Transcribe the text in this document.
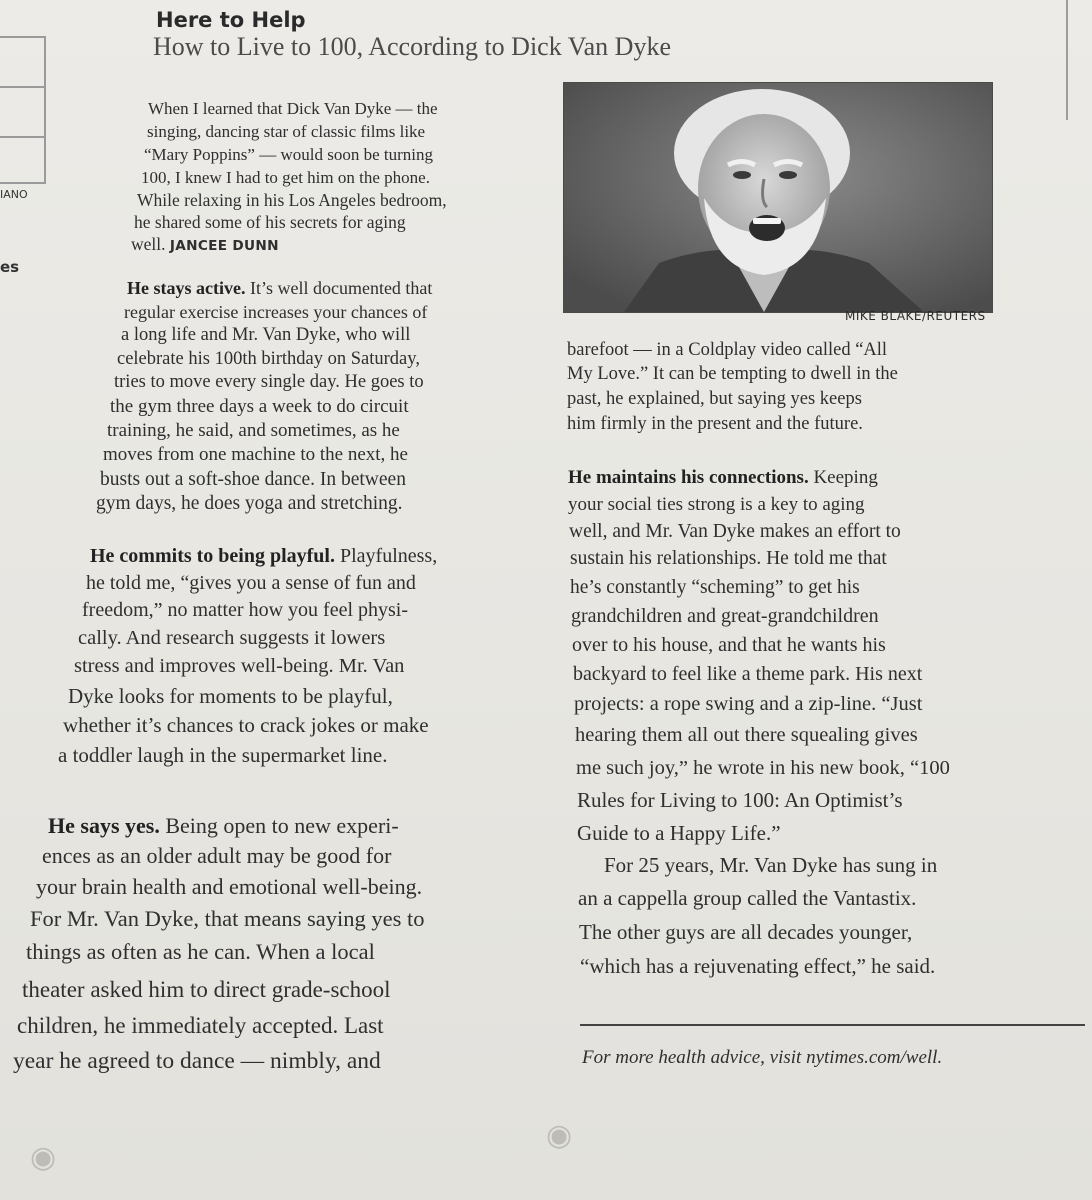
IANO
es
Here to Help
How to Live to 100, According to Dick Van Dyke
When I learned that Dick Van Dyke — the
singing, dancing star of classic films like
“Mary Poppins” — would soon be turning
100, I knew I had to get him on the phone.
While relaxing in his Los Angeles bedroom,
he shared some of his secrets for aging
well. JANCEE DUNN
He stays active. It’s well documented that
regular exercise increases your chances of
a long life and Mr. Van Dyke, who will
celebrate his 100th birthday on Saturday,
tries to move every single day. He goes to
the gym three days a week to do circuit
training, he said, and sometimes, as he
moves from one machine to the next, he
busts out a soft-shoe dance. In between
gym days, he does yoga and stretching.
He commits to being playful. Playfulness,
he told me, “gives you a sense of fun and
freedom,” no matter how you feel physi-
cally. And research suggests it lowers
stress and improves well-being. Mr. Van
Dyke looks for moments to be playful,
whether it’s chances to crack jokes or make
a toddler laugh in the supermarket line.
He says yes. Being open to new experi-
ences as an older adult may be good for
your brain health and emotional well-being.
For Mr. Van Dyke, that means saying yes to
things as often as he can. When a local
theater asked him to direct grade-school
children, he immediately accepted. Last
year he agreed to dance — nimbly, and
MIKE BLAKE/REUTERS
barefoot — in a Coldplay video called “All
My Love.” It can be tempting to dwell in the
past, he explained, but saying yes keeps
him firmly in the present and the future.
He maintains his connections. Keeping
your social ties strong is a key to aging
well, and Mr. Van Dyke makes an effort to
sustain his relationships. He told me that
he’s constantly “scheming” to get his
grandchildren and great-grandchildren
over to his house, and that he wants his
backyard to feel like a theme park. His next
projects: a rope swing and a zip-line. “Just
hearing them all out there squealing gives
me such joy,” he wrote in his new book, “100
Rules for Living to 100: An Optimist’s
Guide to a Happy Life.”
For 25 years, Mr. Van Dyke has sung in
an a cappella group called the Vantastix.
The other guys are all decades younger,
“which has a rejuvenating effect,” he said.
For more health advice, visit nytimes.com/well.
◉
◉
